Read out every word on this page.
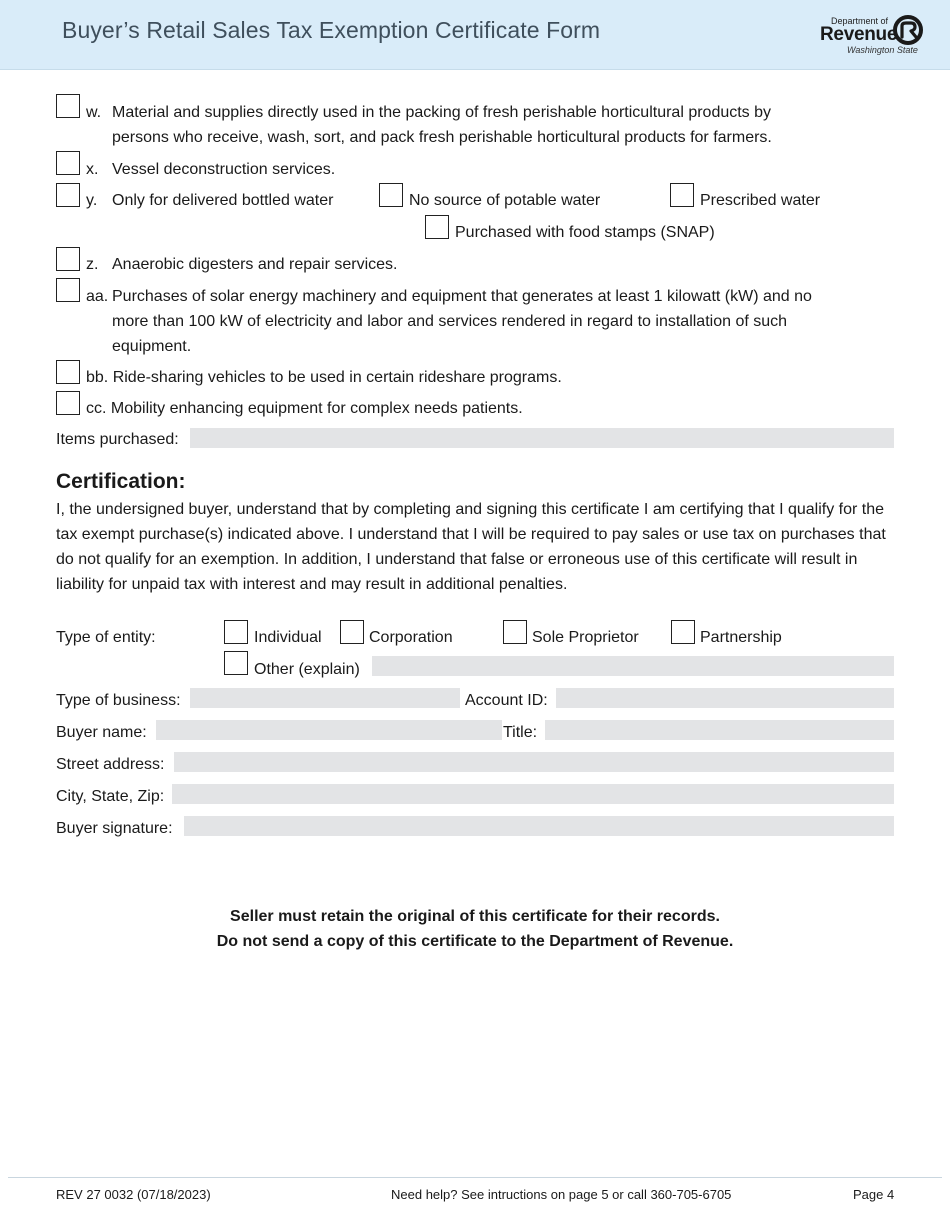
Buyer’s Retail Sales Tax Exemption Certificate Form	Department of
Revenue
Washington State
w. Material and supplies directly used in the packing of fresh perishable horticultural products by
persons who receive, wash, sort, and pack fresh perishable horticultural products for farmers.
x. Vessel deconstruction services.
y. Only for delivered bottled water	No source of potable water	Prescribed water
Purchased with food stamps (SNAP)
z. Anaerobic digesters and repair services.
aa. Purchases of solar energy machinery and equipment that generates at least 1 kilowatt (kW) and no
more than 100 kW of electricity and labor and services rendered in regard to installation of such
equipment.
bb. Ride-sharing vehicles to be used in certain rideshare programs.
cc. Mobility enhancing equipment for complex needs patients.
Items purchased:
Certification:
I, the undersigned buyer, understand that by completing and signing this certificate I am certifying that I qualify for the tax exempt purchase(s) indicated above. I understand that I will be required to pay sales or use tax on purchases that do not qualify for an exemption. In addition, I understand that false or erroneous use of this certificate will result in liability for unpaid tax with interest and may result in additional penalties.
Type of entity:	Individual	Corporation	Sole Proprietor	Partnership
Other (explain)
Type of business:	Account ID:
Buyer name:	Title:
Street address:
City, State, Zip:
Buyer signature:
Seller must retain the original of this certificate for their records.
Do not send a copy of this certificate to the Department of Revenue.
REV 27 0032 (07/18/2023)	Need help? See intructions on page 5 or call 360-705-6705	Page 4
